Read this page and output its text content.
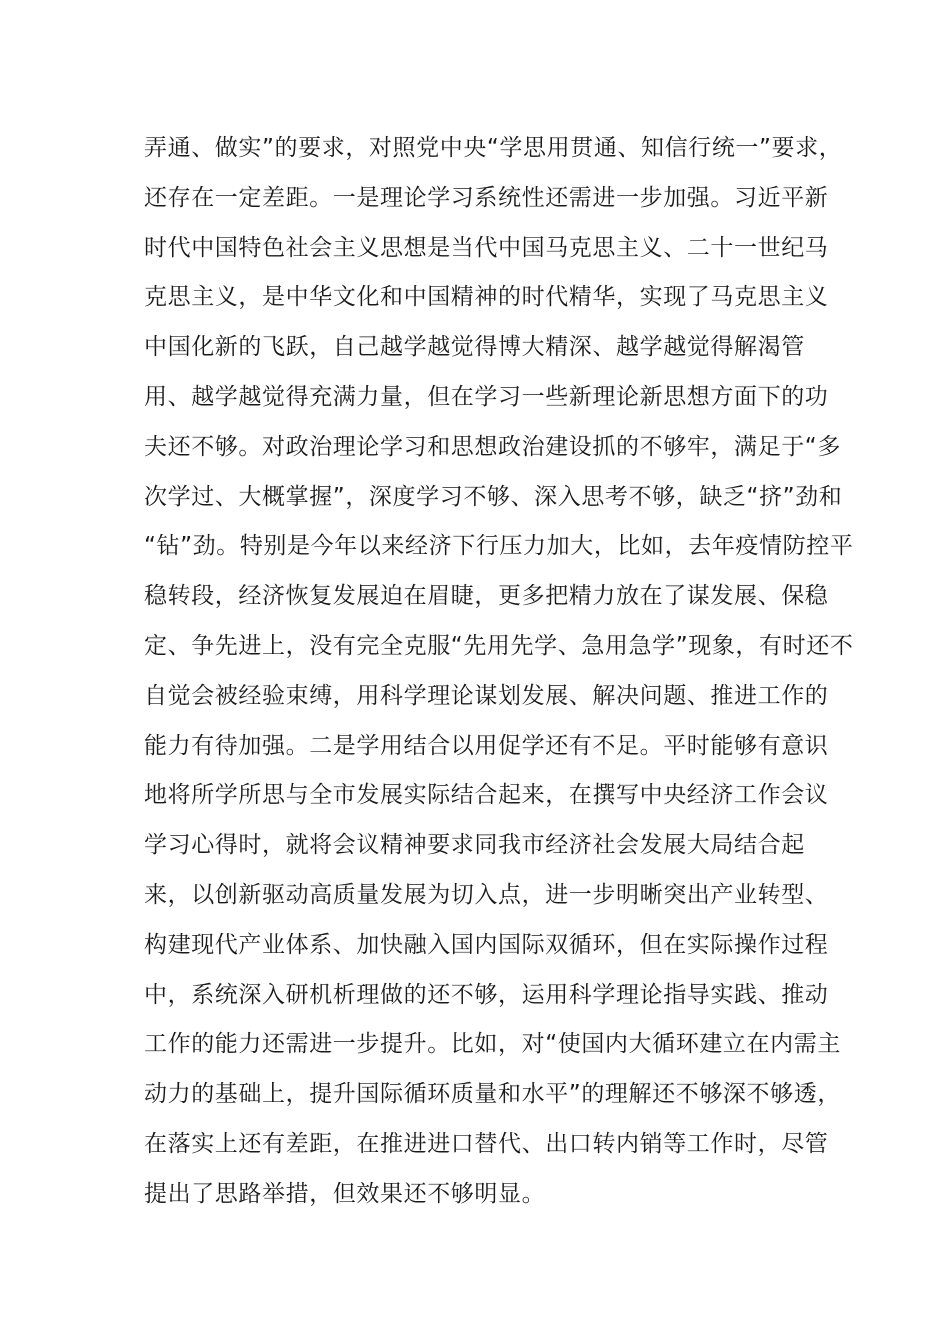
弄通、做实”的要求，对照党中央“学思用贯通、知信行统一”要求，
还存在一定差距。一是理论学习系统性还需进一步加强。习近平新
时代中国特色社会主义思想是当代中国马克思主义、二十一世纪马
克思主义，是中华文化和中国精神的时代精华，实现了马克思主义
中国化新的飞跃，自己越学越觉得博大精深、越学越觉得解渴管
用、越学越觉得充满力量，但在学习一些新理论新思想方面下的功
夫还不够。对政治理论学习和思想政治建设抓的不够牢，满足于“多
次学过、大概掌握”，深度学习不够、深入思考不够，缺乏“挤”劲和
“钻”劲。特别是今年以来经济下行压力加大，比如，去年疫情防控平
稳转段，经济恢复发展迫在眉睫，更多把精力放在了谋发展、保稳
定、争先进上，没有完全克服“先用先学、急用急学”现象，有时还不
自觉会被经验束缚，用科学理论谋划发展、解决问题、推进工作的
能力有待加强。二是学用结合以用促学还有不足。平时能够有意识
地将所学所思与全市发展实际结合起来，在撰写中央经济工作会议
学习心得时，就将会议精神要求同我市经济社会发展大局结合起
来，以创新驱动高质量发展为切入点，进一步明晰突出产业转型、
构建现代产业体系、加快融入国内国际双循环，但在实际操作过程
中，系统深入研机析理做的还不够，运用科学理论指导实践、推动
工作的能力还需进一步提升。比如，对“使国内大循环建立在内需主
动力的基础上，提升国际循环质量和水平”的理解还不够深不够透，
在落实上还有差距，在推进进口替代、出口转内销等工作时，尽管
提出了思路举措，但效果还不够明显。
